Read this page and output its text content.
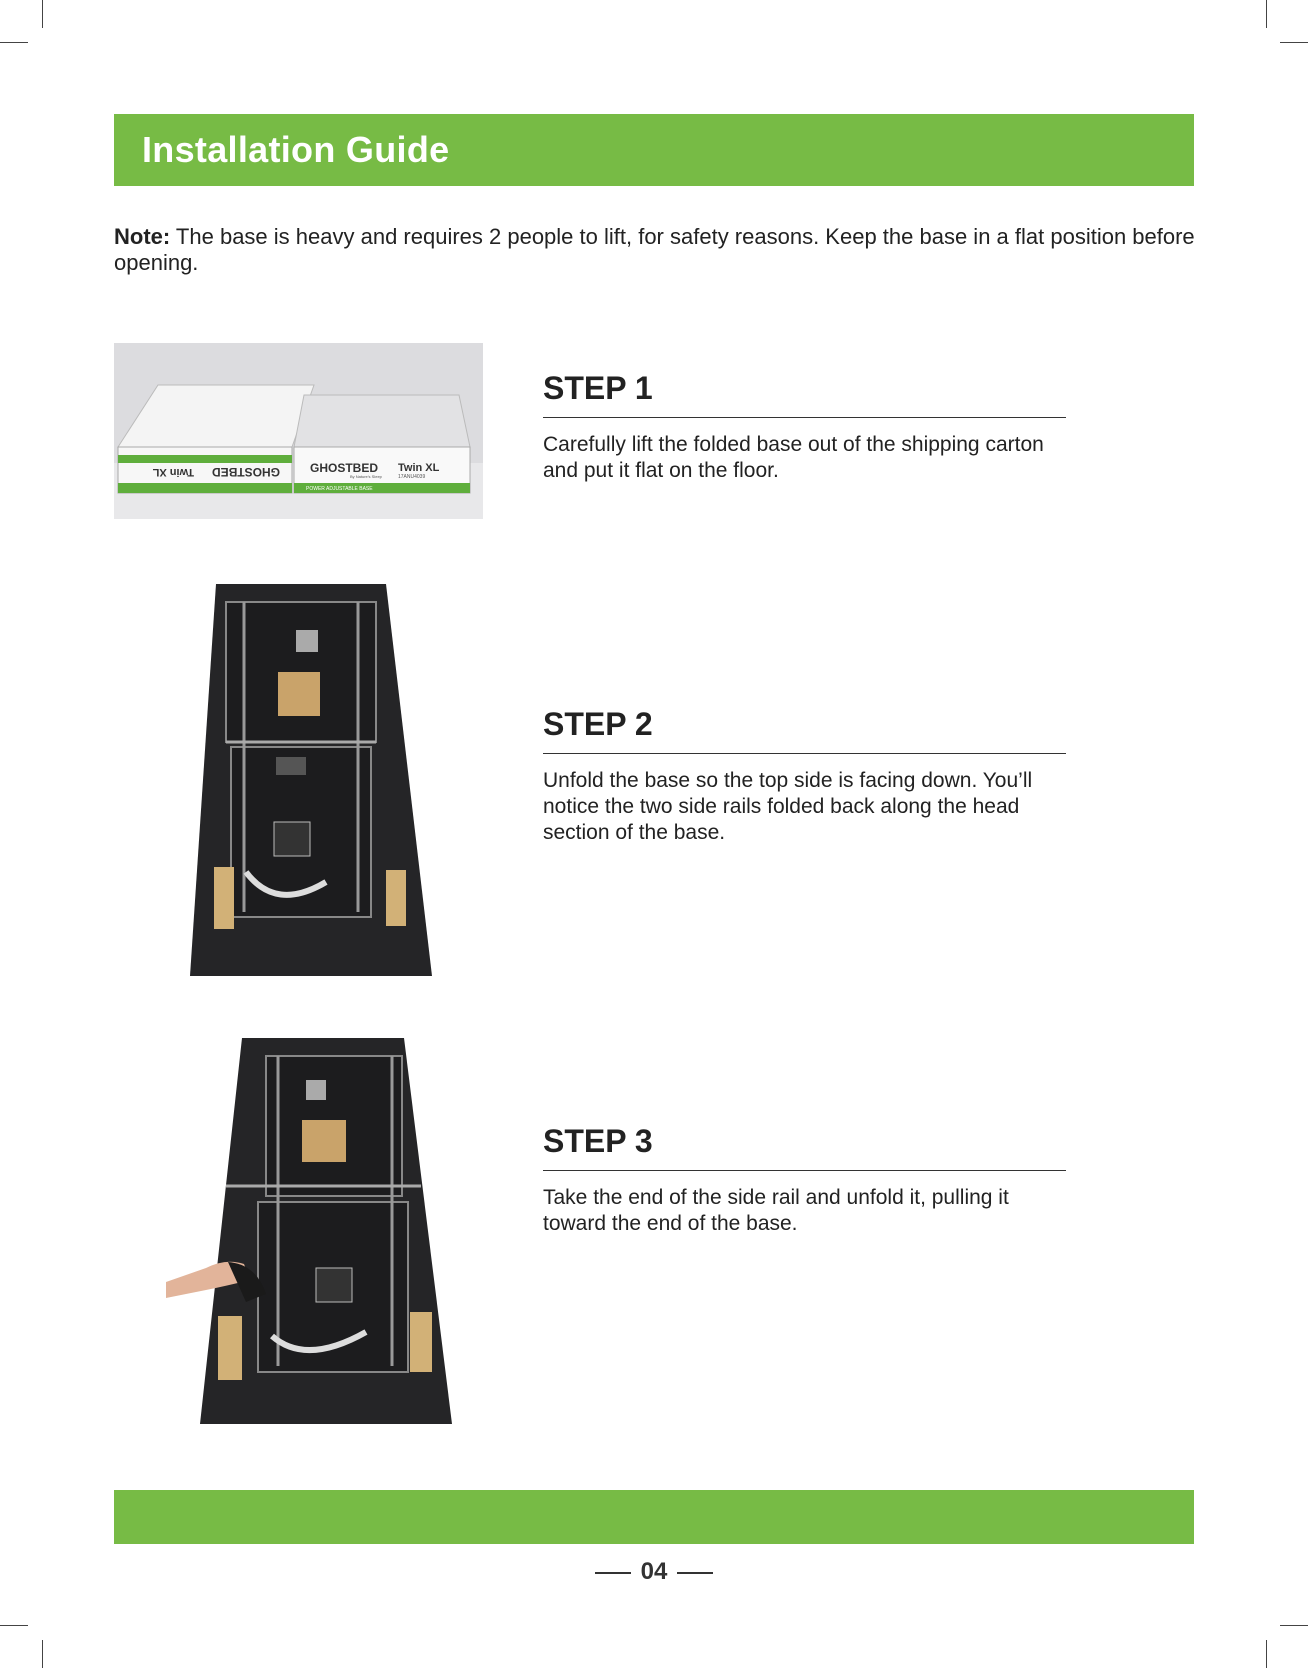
Installation Guide
Note: The base is heavy and requires 2 people to lift, for safety reasons. Keep the base in a flat position before opening.
GHOSTBED Twin XL
By Nature's Sleep	17ANU4039
POWER ADJUSTABLE BASE
GHOSTBED
Twin XL
STEP 1
Carefully lift the folded base out of the shipping carton and put it flat on the floor.
STEP 2
Unfold the base so the top side is facing down. You’ll notice the two side rails folded back along the head section of the base.
STEP 3
Take the end of the side rail and unfold it, pulling it toward the end of the base.
04
